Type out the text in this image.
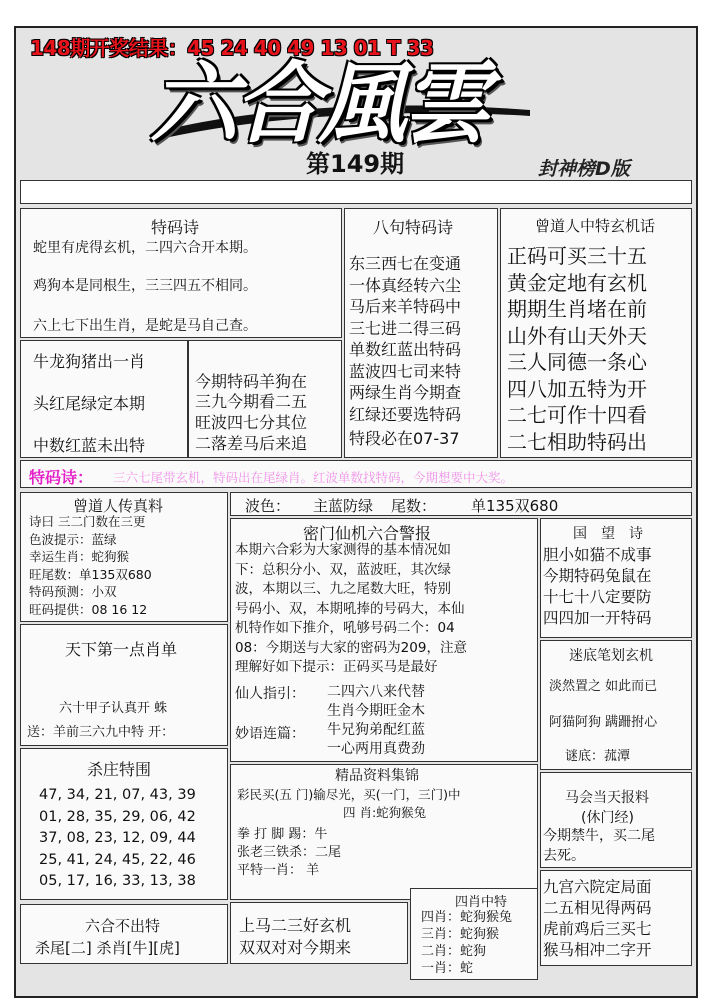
148期开奖结果：45 24 40 49 13 01 T 33
六合風雲
第149期	封神榜D版
特码诗
蛇里有虎得玄机，二四六合开本期。
鸡狗本是同根生，三三四五不相同。
六上七下出生肖，是蛇是马自己查。
牛龙狗猪出一肖
头红尾绿定本期
中数红蓝未出特
今期特码羊狗在
三九今期看二五
旺波四七分其位
二落差马后来追
八句特码诗
东三西七在变通
一体真经转六尘
马后来羊特码中
三七进二得三码
单数红蓝出特码
蓝波四七司来特
两绿生肖今期查
红绿还要选特码
特段必在07-37
曾道人中特玄机话
正码可买三十五
黄金定地有玄机
期期生肖堵在前
山外有山天外天
三人同德一条心
四八加五特为开
二七可作十四看
二七相助特码出
特码诗： 三六七尾带玄机，特码出在尾绿肖。红波单数找特码，今期想要中大奖。
曾道人传真料
诗曰 三二门数在三更
色波提示：蓝绿
幸运生肖：蛇狗猴
旺尾数：单135双680
特码预测：小双
旺码提供：08 16 12
波色： 主蓝防绿 尾数： 单135双680
密门仙机六合警报
本期六合彩为大家测得的基本情况如
下：总积分小、双，蓝波旺，其次绿
波，本期以三、九之尾数大旺，特别
号码小、双，本期吼捧的号码大，本仙
机特作如下推介，吼够号码二个：04
08：今期送与大家的密码为209，注意
理解好如下提示：正码买马是最好
仙人指引： 二四六八来代替
生肖今期旺金木
妙语连篇： 牛兄狗弟配红蓝
一心两用真费劲
国　望　诗
胆小如猫不成事
今期特码兔鼠在
十七十八定要防
四四加一开特码
天下第一点肖单
六十甲子认真开 蛛
送：羊前三六九中特 开：
迷底笔划玄机
淡然置之 如此而已
阿猫阿狗 蹒跚拊心
谜底：菰潭
杀庄特围
47, 34, 21, 07, 43, 39
01, 28, 35, 29, 06, 42
37, 08, 23, 12, 09, 44
25, 41, 24, 45, 22, 46
05, 17, 16, 33, 13, 38
精品资料集锦
彩民买(五 门)输尽光，买(一门，三门)中
四 肖:蛇狗猴兔
拳 打 脚 踢：牛
张老三铁杀：二尾
平特一肖： 羊
马会当天报料
(休门经)
今期禁牛，买二尾
去死。
九宫六院定局面
二五相见得两码
虎前鸡后三买七
猴马相冲二字开
六合不出特
杀尾[二] 杀肖[牛][虎]
上马二三好玄机
双双对对今期来
四肖中特
四肖：蛇狗猴兔
三肖：蛇狗猴
二肖：蛇狗
一肖：蛇
